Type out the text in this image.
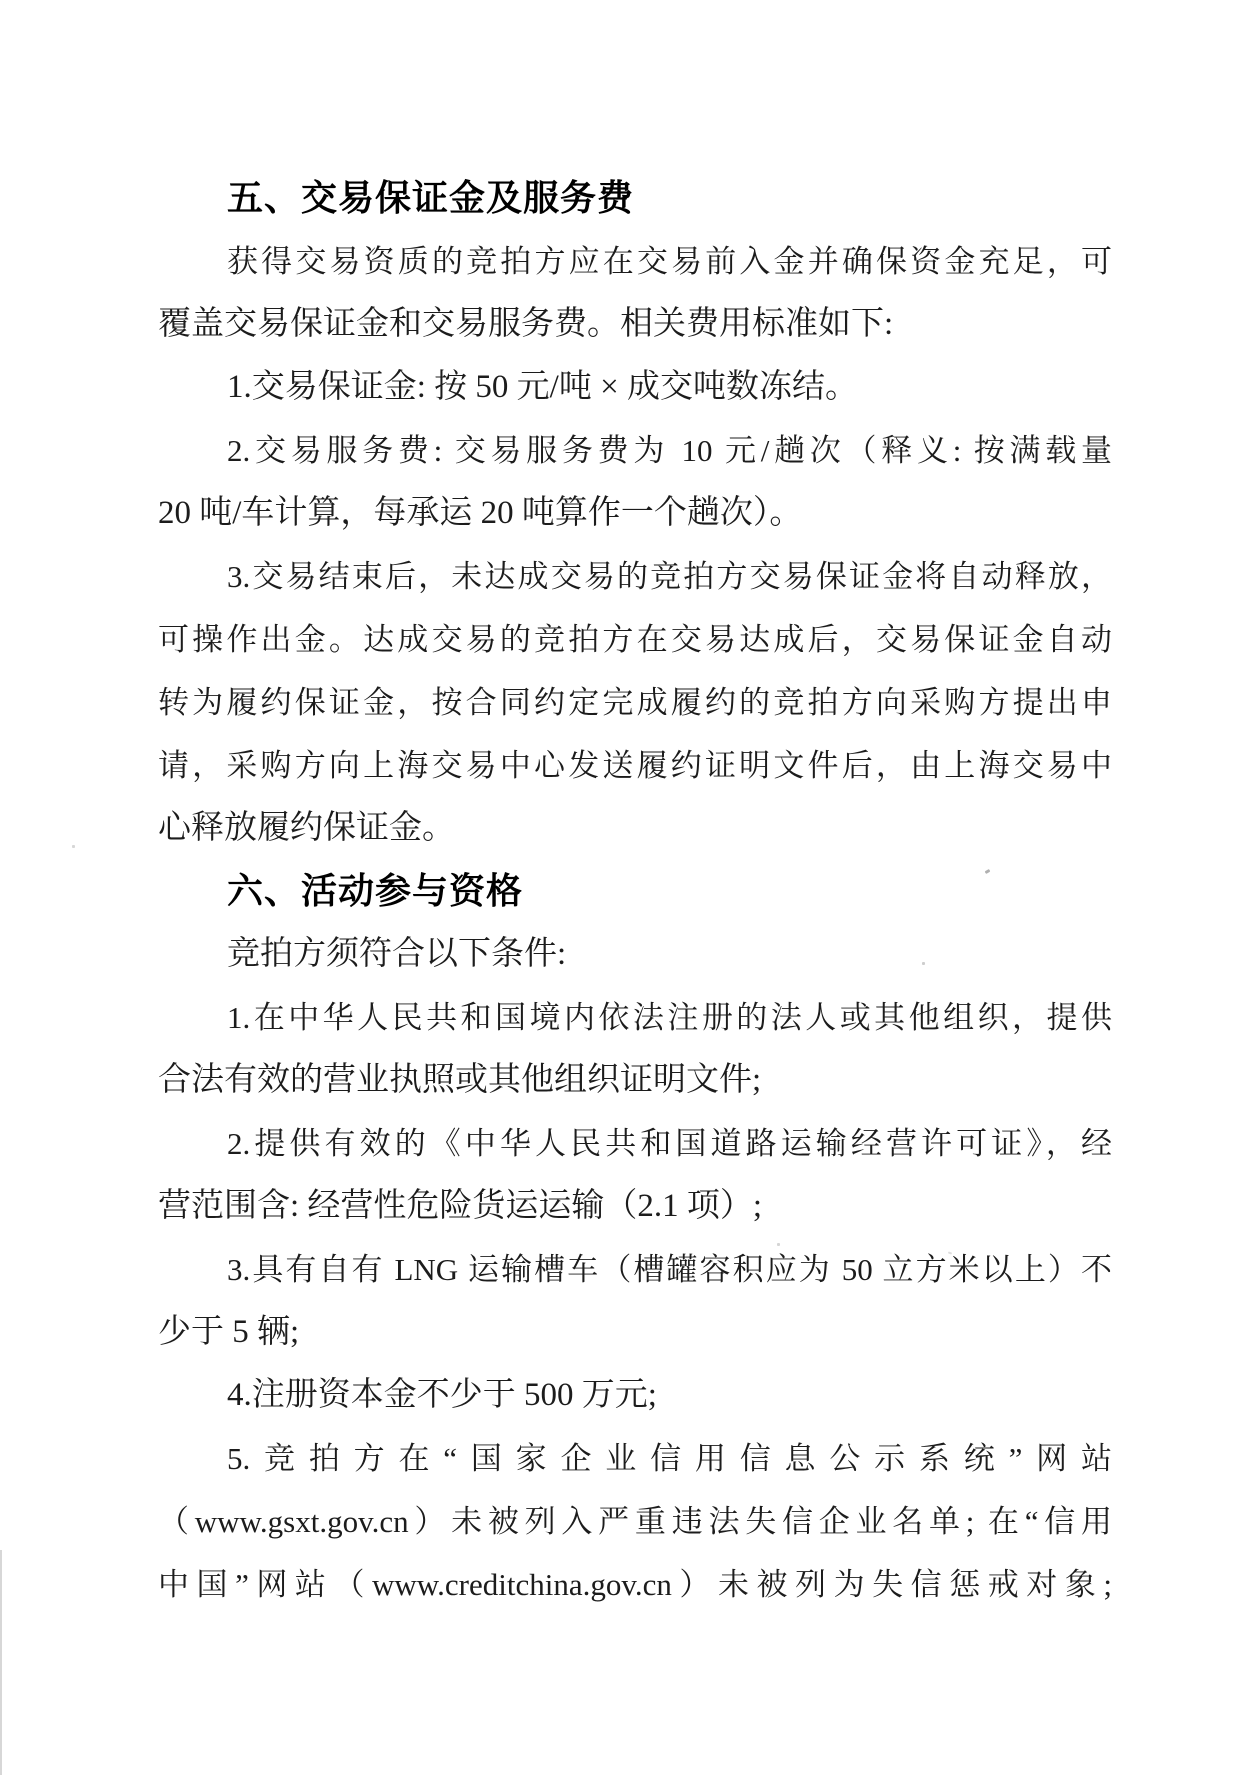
五、交易保证金及服务费
获得交易资质的竞拍方应在交易前入金并确保资金充足，可
覆盖交易保证金和交易服务费。相关费用标准如下:
1.交易保证金: 按 50 元/吨 × 成交吨数冻结。
2.交易服务费: 交易服务费为 10 元/趟次（释义: 按满载量
20 吨/车计算，每承运 20 吨算作一个趟次）。
3.交易结束后，未达成交易的竞拍方交易保证金将自动释放，
可操作出金。达成交易的竞拍方在交易达成后，交易保证金自动
转为履约保证金，按合同约定完成履约的竞拍方向采购方提出申
请，采购方向上海交易中心发送履约证明文件后，由上海交易中
心释放履约保证金。
六、活动参与资格
竞拍方须符合以下条件:
1.在中华人民共和国境内依法注册的法人或其他组织，提供
合法有效的营业执照或其他组织证明文件;
2.提供有效的《中华人民共和国道路运输经营许可证》，经
营范围含: 经营性危险货运运输（2.1 项）;
3.具有自有 LNG 运输槽车（槽罐容积应为 50 立方米以上）不
少于 5 辆;
4.注册资本金不少于 500 万元;
5.竞拍方在“国家企业信用信息公示系统”网站
（www.gsxt.gov.cn）未被列入严重违法失信企业名单; 在“信用
中国”网站（www.creditchina.gov.cn）未被列为失信惩戒对象;
